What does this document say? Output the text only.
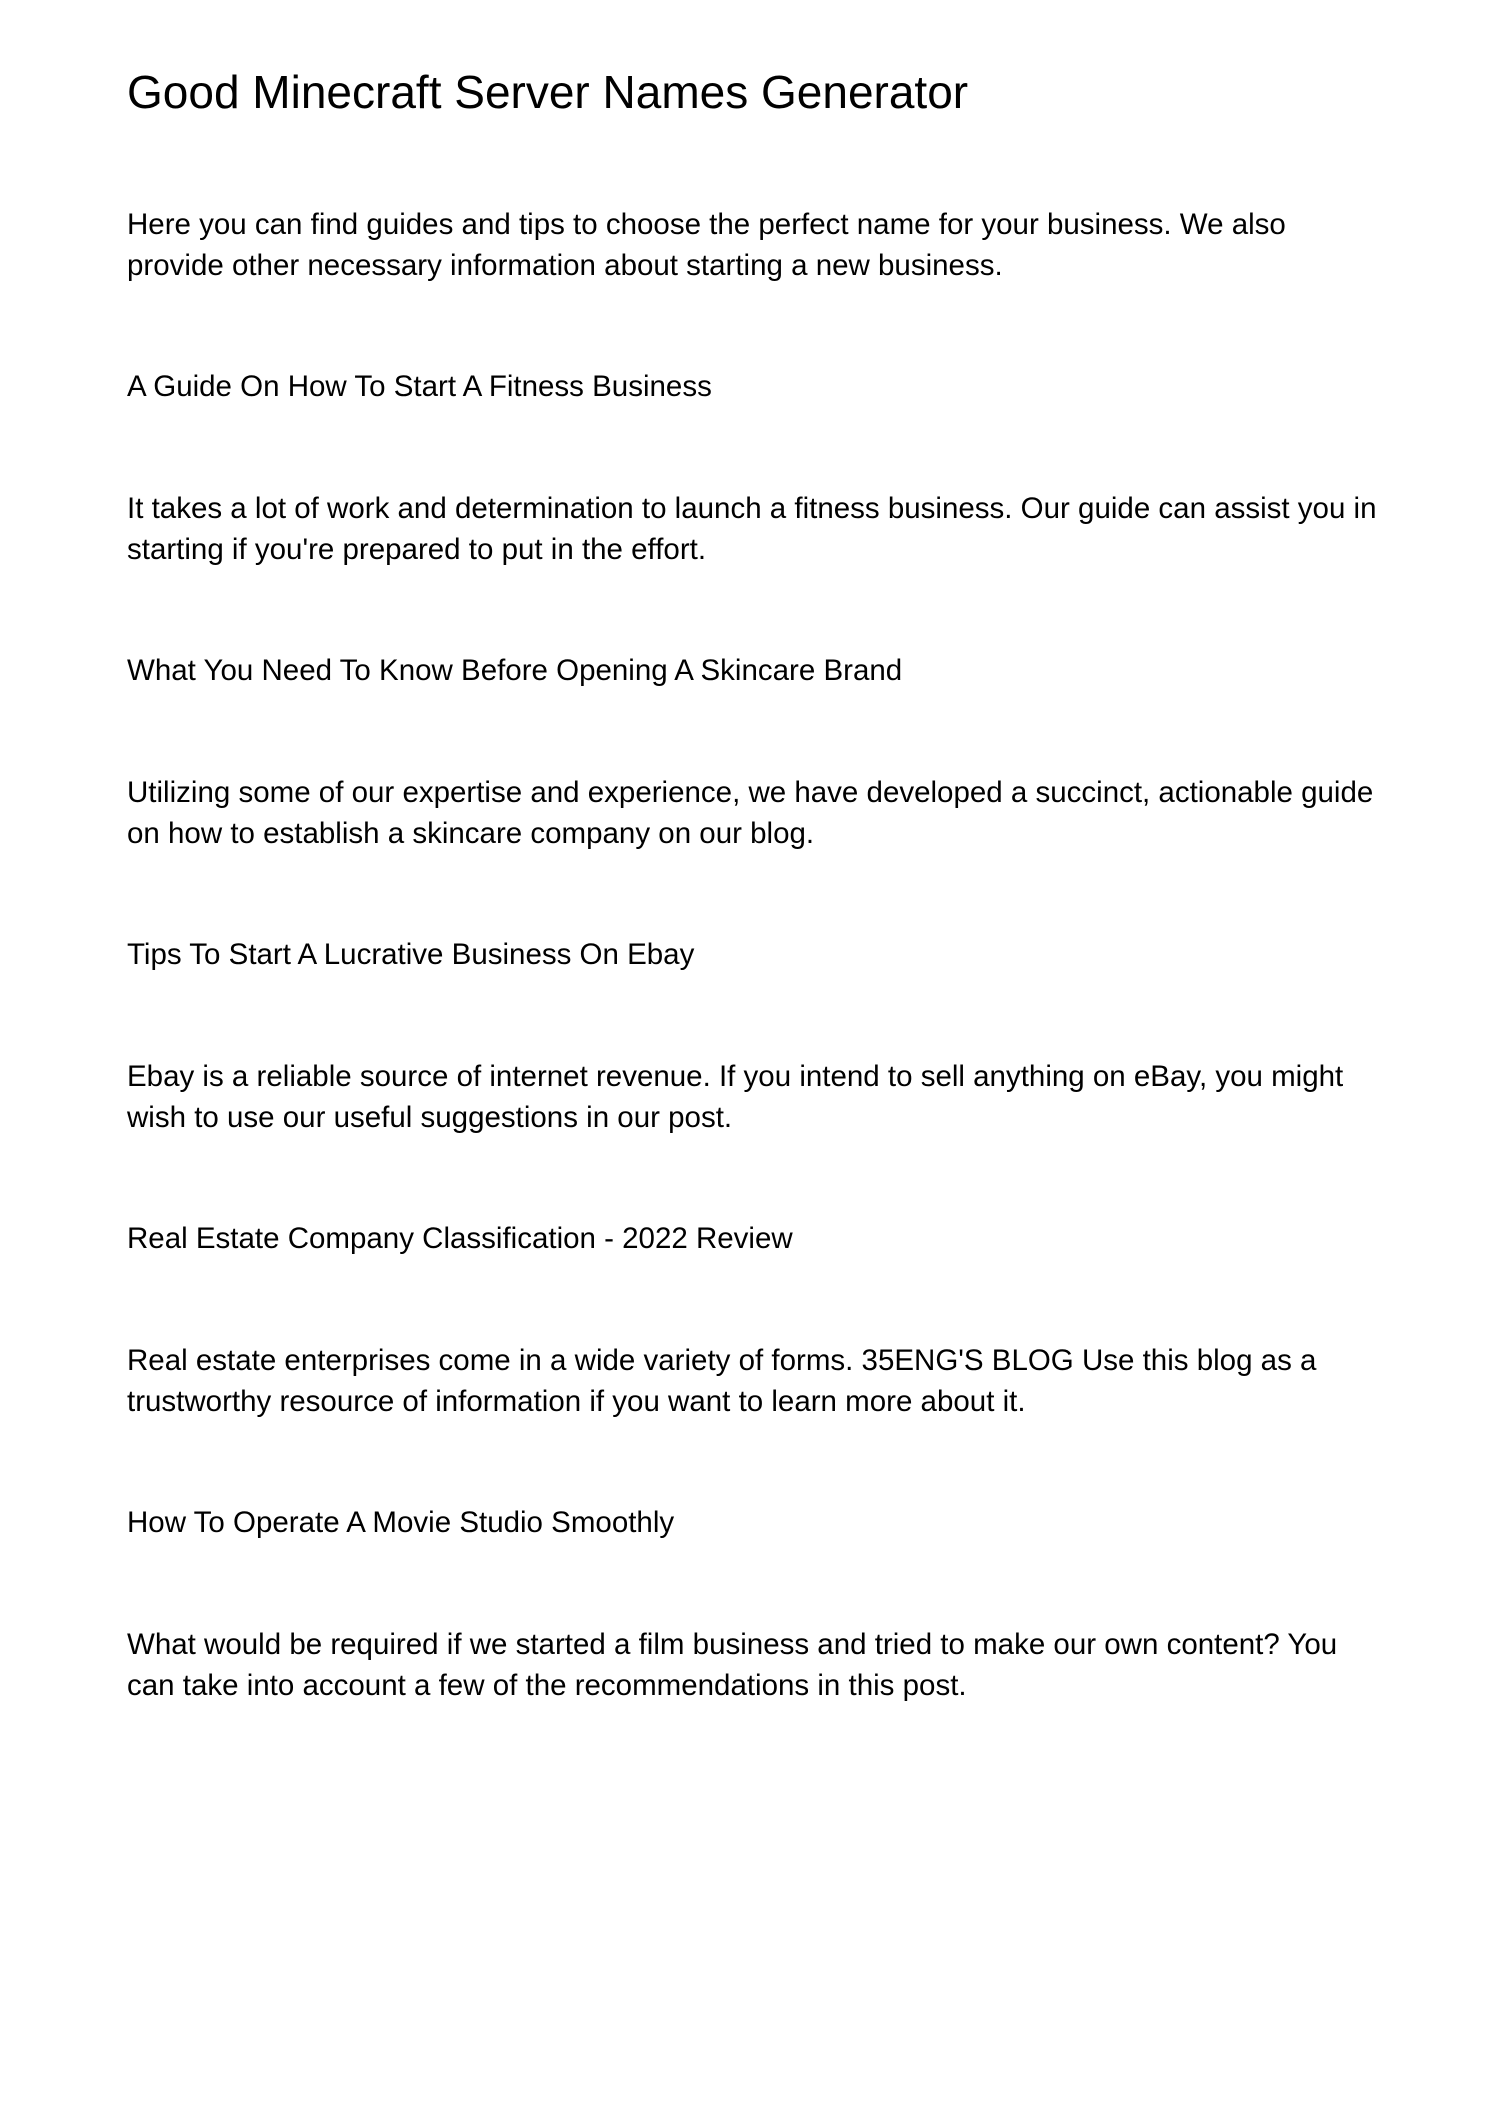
Good Minecraft Server Names Generator

Here you can find guides and tips to choose the perfect name for your business. We also provide other necessary information about starting a new business.

A Guide On How To Start A Fitness Business

It takes a lot of work and determination to launch a fitness business. Our guide can assist you in starting if you're prepared to put in the effort.

What You Need To Know Before Opening A Skincare Brand

Utilizing some of our expertise and experience, we have developed a succinct, actionable guide on how to establish a skincare company on our blog.

Tips To Start A Lucrative Business On Ebay

Ebay is a reliable source of internet revenue. If you intend to sell anything on eBay, you might wish to use our useful suggestions in our post.

Real Estate Company Classification - 2022 Review

Real estate enterprises come in a wide variety of forms. 35ENG'S BLOG Use this blog as a trustworthy resource of information if you want to learn more about it.

How To Operate A Movie Studio Smoothly

What would be required if we started a film business and tried to make our own content? You can take into account a few of the recommendations in this post.
